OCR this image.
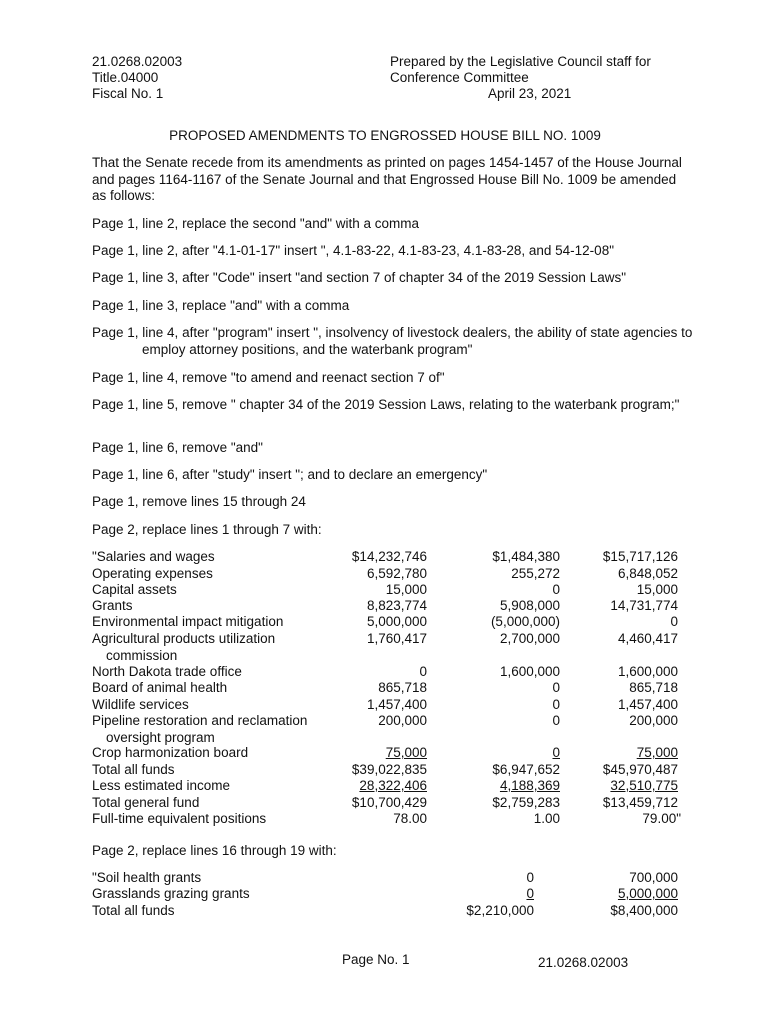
21.0268.02003
Title.04000
Fiscal No. 1
Prepared by the Legislative Council staff for
Conference Committee
April 23, 2021
PROPOSED AMENDMENTS TO ENGROSSED HOUSE BILL NO. 1009
That the Senate recede from its amendments as printed on pages 1454-1457 of the House Journal and pages 1164-1167 of the Senate Journal and that Engrossed House Bill No. 1009 be amended as follows:
Page 1, line 2, replace the second "and" with a comma
Page 1, line 2, after "4.1-01-17" insert ", 4.1-83-22, 4.1-83-23, 4.1-83-28, and 54-12-08"
Page 1, line 3, after "Code" insert "and section 7 of chapter 34 of the 2019 Session Laws"
Page 1, line 3, replace "and" with a comma
Page 1, line 4, after "program" insert ", insolvency of livestock dealers, the ability of state agencies to employ attorney positions, and the waterbank program"
Page 1, line 4, remove "to amend and reenact section 7 of"
Page 1, line 5, remove " chapter 34 of the 2019 Session Laws, relating to the waterbank program;"
Page 1, line 6, remove "and"
Page 1, line 6, after "study" insert "; and to declare an emergency"
Page 1, remove lines 15 through 24
Page 2, replace lines 1 through 7 with:
"Salaries and wages	$14,232,746	$1,484,380	$15,717,126
Operating expenses	6,592,780	255,272	6,848,052
Capital assets	15,000	0	15,000
Grants	8,823,774	5,908,000	14,731,774
Environmental impact mitigation	5,000,000	(5,000,000)	0
Agricultural products utilization commission
1,760,417	2,700,000	4,460,417
North Dakota trade office	0	1,600,000	1,600,000
Board of animal health	865,718	0	865,718
Wildlife services	1,457,400	0	1,457,400
Pipeline restoration and reclamation oversight program
200,000	0	200,000
Crop harmonization board	75,000	0	75,000
Total all funds	$39,022,835	$6,947,652	$45,970,487
Less estimated income	28,322,406	4,188,369	32,510,775
Total general fund	$10,700,429	$2,759,283	$13,459,712
Full-time equivalent positions	78.00	1.00	79.00"
Page 2, replace lines 16 through 19 with:
"Soil health grants	0	700,000
Grasslands grazing grants	0	5,000,000
Total all funds	$2,210,000	$8,400,000
Page No. 1	21.0268.02003
